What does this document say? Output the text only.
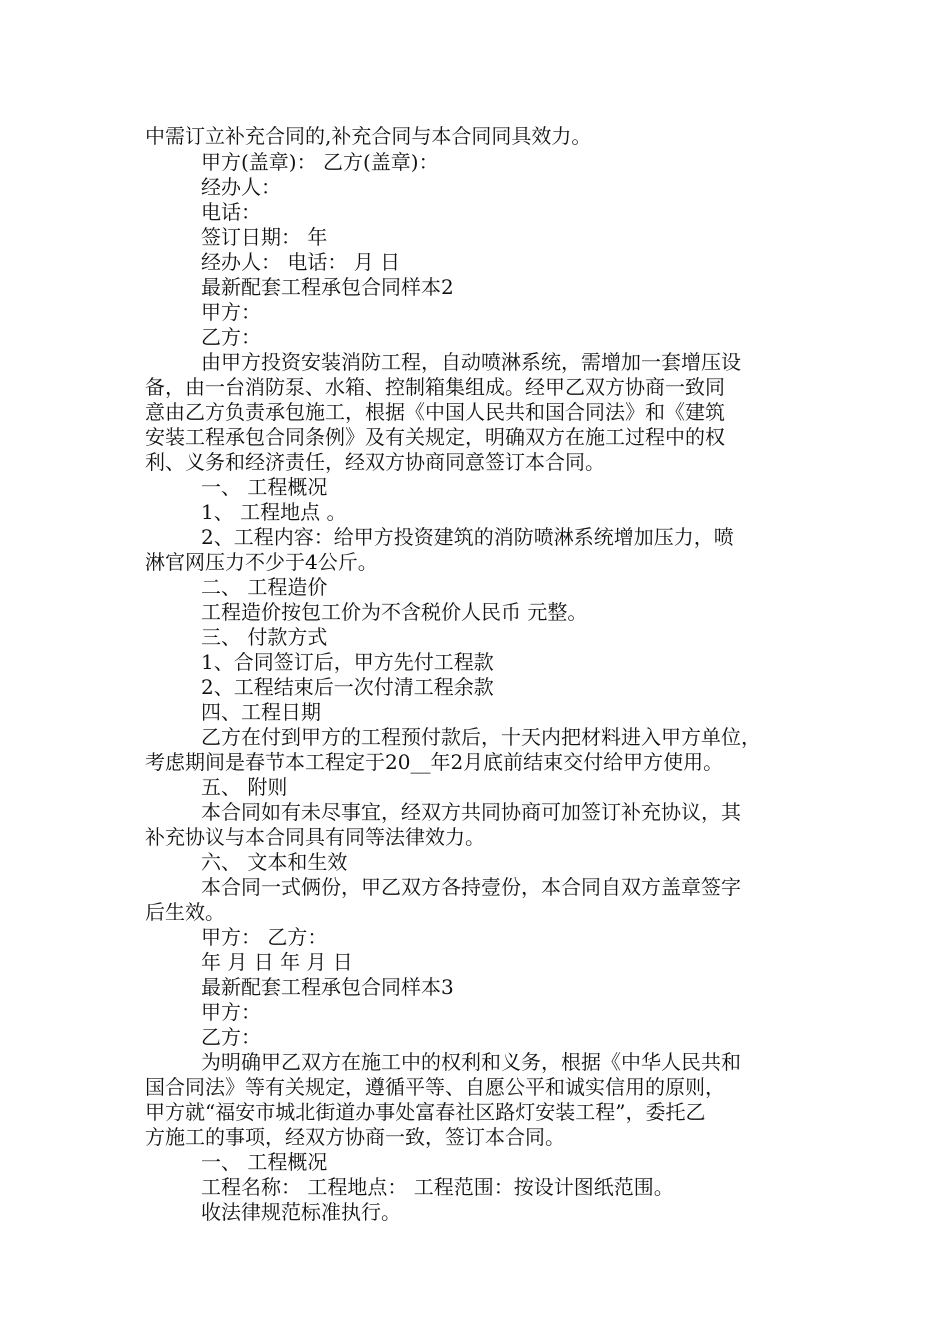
中需订立补充合同的,补充合同与本合同同具效力。
甲方(盖章)： 乙方(盖章)：
经办人：
电话：
签订日期： 年
经办人： 电话： 月 日
最新配套工程承包合同样本2
甲方：
乙方：
由甲方投资安装消防工程，自动喷淋系统，需增加一套增压设
备，由一台消防泵、水箱、控制箱集组成。经甲乙双方协商一致同
意由乙方负责承包施工，根据《中国人民共和国合同法》和《建筑
安装工程承包合同条例》及有关规定，明确双方在施工过程中的权
利、义务和经济责任，经双方协商同意签订本合同。
一、 工程概况
1、 工程地点 。
2、工程内容：给甲方投资建筑的消防喷淋系统增加压力，喷
淋官网压力不少于4公斤。
二、 工程造价
工程造价按包工价为不含税价人民币 元整。
三、 付款方式
1、合同签订后，甲方先付工程款
2、工程结束后一次付清工程余款
四、工程日期
乙方在付到甲方的工程预付款后，十天内把材料进入甲方单位，
考虑期间是春节本工程定于20__年2月底前结束交付给甲方使用。
五、 附则
本合同如有未尽事宜，经双方共同协商可加签订补充协议，其
补充协议与本合同具有同等法律效力。
六、 文本和生效
本合同一式俩份，甲乙双方各持壹份，本合同自双方盖章签字
后生效。
甲方： 乙方：
年 月 日 年 月 日
最新配套工程承包合同样本3
甲方：
乙方：
为明确甲乙双方在施工中的权利和义务，根据《中华人民共和
国合同法》等有关规定，遵循平等、自愿公平和诚实信用的原则，
甲方就“福安市城北街道办事处富春社区路灯安装工程”，委托乙
方施工的事项，经双方协商一致，签订本合同。
一、 工程概况
工程名称： 工程地点： 工程范围：按设计图纸范围。
收法律规范标准执行。
